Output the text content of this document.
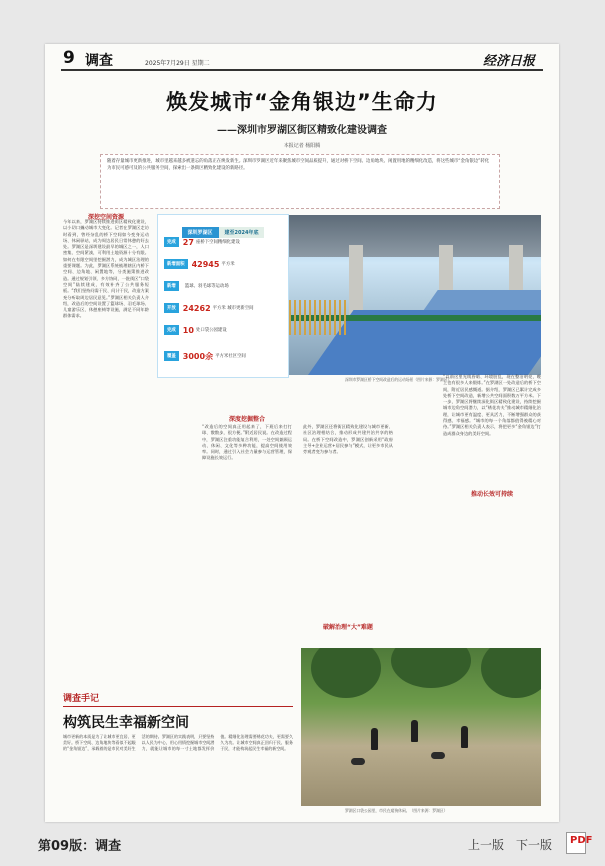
9 调查	2025年7月29日 星期二	经济日报
焕发城市“金角银边”生命力
——深圳市罗湖区街区精致化建设调查
本报记者 杨阳腾
随着存量城市更新推进，城市里越来越多被遗忘的角落正在焕发新生。深圳市罗湖区近年来聚焦城市空间品质提升，通过对桥下空间、边角地块、闲置用地的精细化改造，将这些城市“金角银边”转化为市民可感可及的公共服务空间，探索出一条街区精致化建设的新路径。
深挖空间资源
今年以来，罗湖区持续推进街区精致化建设，以小切口撬动城市大变化。记者在罗湖区走访时看到，曾经杂乱的桥下空间如今变身运动场、休闲驿站，成为周边居民日常休憩的好去处。罗湖区是深圳建设最早的城区之一，人口密集、空间紧凑，可利用土地资源十分有限。如何在有限空间里挖掘潜力，成为城区治理的重要课题。为此，罗湖区系统梳理辖区内桥下空间、边角地、闲置地等，分类施策推进改造。通过规划引领、多方协同，一批街区“口袋空间”陆续建成，有效补齐了公共服务短板。“我们坚持问需于民、问计于民，改造方案充分听取周边居民意见。”罗湖区相关负责人介绍，改造后的空间设置了篮球场、羽毛球场、儿童游乐区、休憩座椅等设施，满足不同年龄群体需求。
深圳罗湖区 建至2024年底
完成 27 座桥下空间精细化建设
新增面积 42945 平方米
新增	篮球、羽毛球等运动场
开放 24262 平方米 城市更新空间
完成 10 处口袋公园建设
覆盖 3000余 平方米社区空间
深圳市罗湖区桥下空间改造后的运动场景（图片来源：罗湖区）
深度挖掘整合
“改造后的空间真正用起来了，下班后来打打球、散散步，很方便。”附近居民说。在改造过程中，罗湖区注重功能复合利用，一处空间兼顾运动、休闲、文化等多种功能，提高空间使用效率。同时，通过引入社会力量参与运营管理，保障设施长效运行。
此外，罗湖区还将街区精致化建设与城市更新、社区治理相结合，推动形成共建共治共享的格局。在桥下空间改造中，罗湖区创新采用“政府主导+企业运营+居民参与”模式，让更多市民从旁观者变为参与者。
破解治理“大”难题
推动长效可持续
“以前这里光线昏暗、环境脏乱，现在整洁明亮，晚上也有很多人来锻炼。”在罗湖区一处改造后的桥下空间，附近居民感慨道。据介绍，罗湖区已累计完成多处桥下空间改造，新增公共空间面积数万平方米。下一步，罗湖区将继续深化街区精致化建设，持续挖掘城市边角空间潜力，以“绣花功夫”推动城市精细化治理，让城市更有温度、更具活力，不断增强群众的获得感、幸福感。“城市的每一个角落都值得被精心对待。”罗湖区相关负责人表示，将把更多“金角银边”打造成群众身边的美好空间。
调查手记
构筑民生幸福新空间
城市更新的本质是为了让城市更宜居、更美好。桥下空间、边角地块等看似不起眼的“金角银边”，承载着的是市民对美好生活的期待。罗湖区的实践表明，只要坚持以人民为中心，用心用情挖掘城市空间潜力，就能让城市的每一寸土地都发挥价值。精细化治理需要绣花功夫，更需要久久为功。让城市空间真正回归于民、服务于民，才能构筑起民生幸福的新空间。
罗湖区口袋公园里，市民在遛狗休闲。（图片来源：罗湖区）
第09版：调查	上一版 下一版 PDF
